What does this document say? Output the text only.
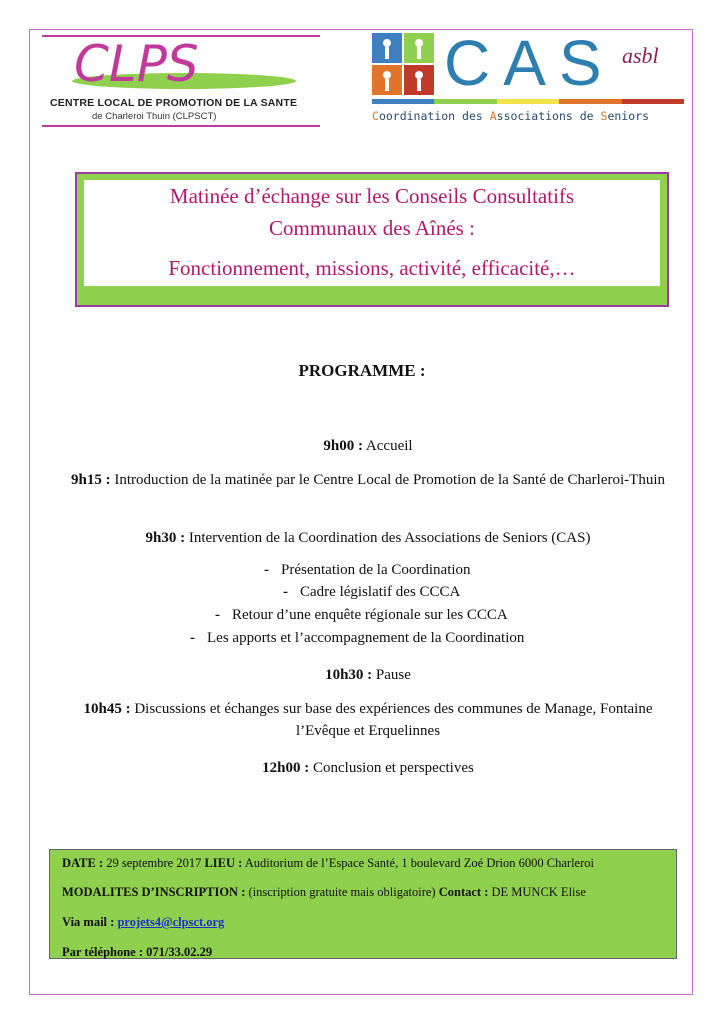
CLPS
CENTRE LOCAL DE PROMOTION DE LA SANTE
de Charleroi Thuin (CLPSCT)
CAS asbl
Coordination des Associations de Seniors
Matinée d’échange sur les Conseils Consultatifs
Communaux des Aînés :
Fonctionnement, missions, activité, efficacité,…
PROGRAMME :
9h00 : Accueil
9h15 : Introduction de la matinée par le Centre Local de Promotion de la Santé de Charleroi-Thuin
9h30 : Intervention de la Coordination des Associations de Seniors (CAS)
- Présentation de la Coordination
- Cadre législatif des CCCA
- Retour d’une enquête régionale sur les CCCA
- Les apports et l’accompagnement de la Coordination
10h30 : Pause
10h45 : Discussions et échanges sur base des expériences des communes de Manage, Fontaine l’Evêque et Erquelinnes
12h00 : Conclusion et perspectives
DATE : 29 septembre 2017 LIEU : Auditorium de l’Espace Santé, 1 boulevard Zoé Drion 6000 Charleroi
MODALITES D’INSCRIPTION : (inscription gratuite mais obligatoire) Contact : DE MUNCK Elise
Via mail : projets4@clpsct.org
Par téléphone : 071/33.02.29
